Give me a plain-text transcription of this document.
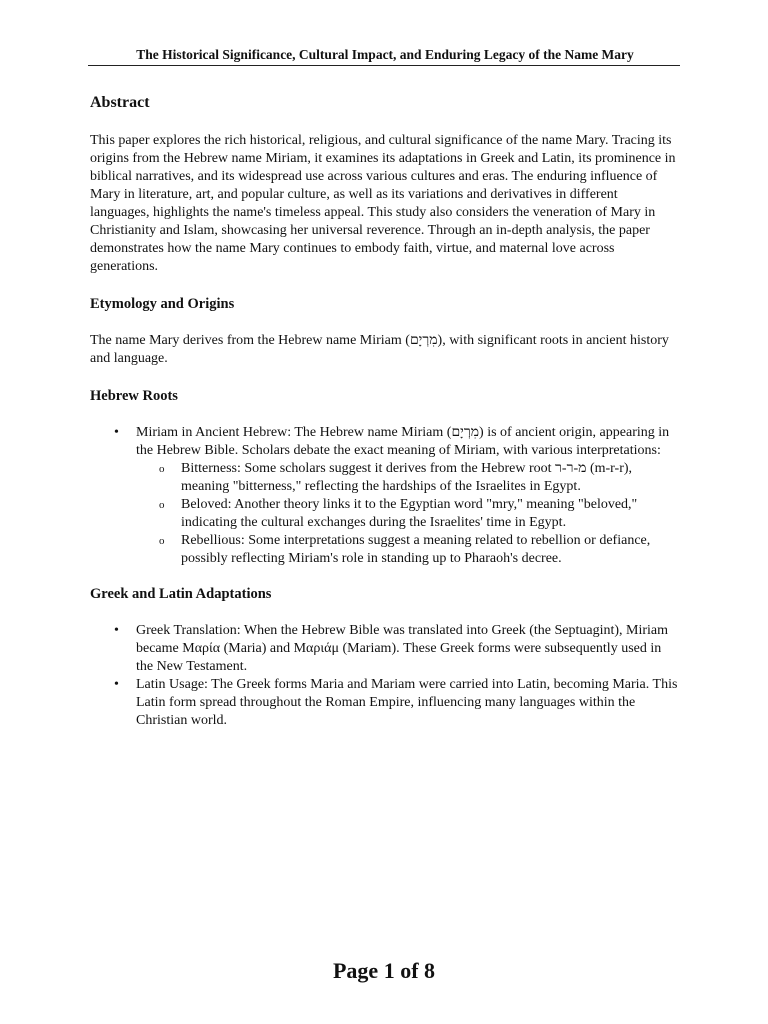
The Historical Significance, Cultural Impact, and Enduring Legacy of the Name Mary
Abstract

This paper explores the rich historical, religious, and cultural significance of the name Mary. Tracing its origins from the Hebrew name Miriam, it examines its adaptations in Greek and Latin, its prominence in biblical narratives, and its widespread use across various cultures and eras. The enduring influence of Mary in literature, art, and popular culture, as well as its variations and derivatives in different languages, highlights the name's timeless appeal. This study also considers the veneration of Mary in Christianity and Islam, showcasing her universal reverence. Through an in-depth analysis, the paper demonstrates how the name Mary continues to embody faith, virtue, and maternal love across generations.

Etymology and Origins

The name Mary derives from the Hebrew name Miriam (מִרְיָם), with significant roots in ancient history and language.

Hebrew Roots
• Miriam in Ancient Hebrew: The Hebrew name Miriam (מִרְיָם) is of ancient origin, appearing in the Hebrew Bible. Scholars debate the exact meaning of Miriam, with various interpretations:
o Bitterness: Some scholars suggest it derives from the Hebrew root מ-ר-ר (m-r-r), meaning "bitterness," reflecting the hardships of the Israelites in Egypt.
o Beloved: Another theory links it to the Egyptian word "mry," meaning "beloved," indicating the cultural exchanges during the Israelites' time in Egypt.
o Rebellious: Some interpretations suggest a meaning related to rebellion or defiance, possibly reflecting Miriam's role in standing up to Pharaoh's decree.
Greek and Latin Adaptations
• Greek Translation: When the Hebrew Bible was translated into Greek (the Septuagint), Miriam became Μαρία (Maria) and Μαριάμ (Mariam). These Greek forms were subsequently used in the New Testament.
• Latin Usage: The Greek forms Maria and Mariam were carried into Latin, becoming Maria. This Latin form spread throughout the Roman Empire, influencing many languages within the Christian world.
Page 1 of 8
